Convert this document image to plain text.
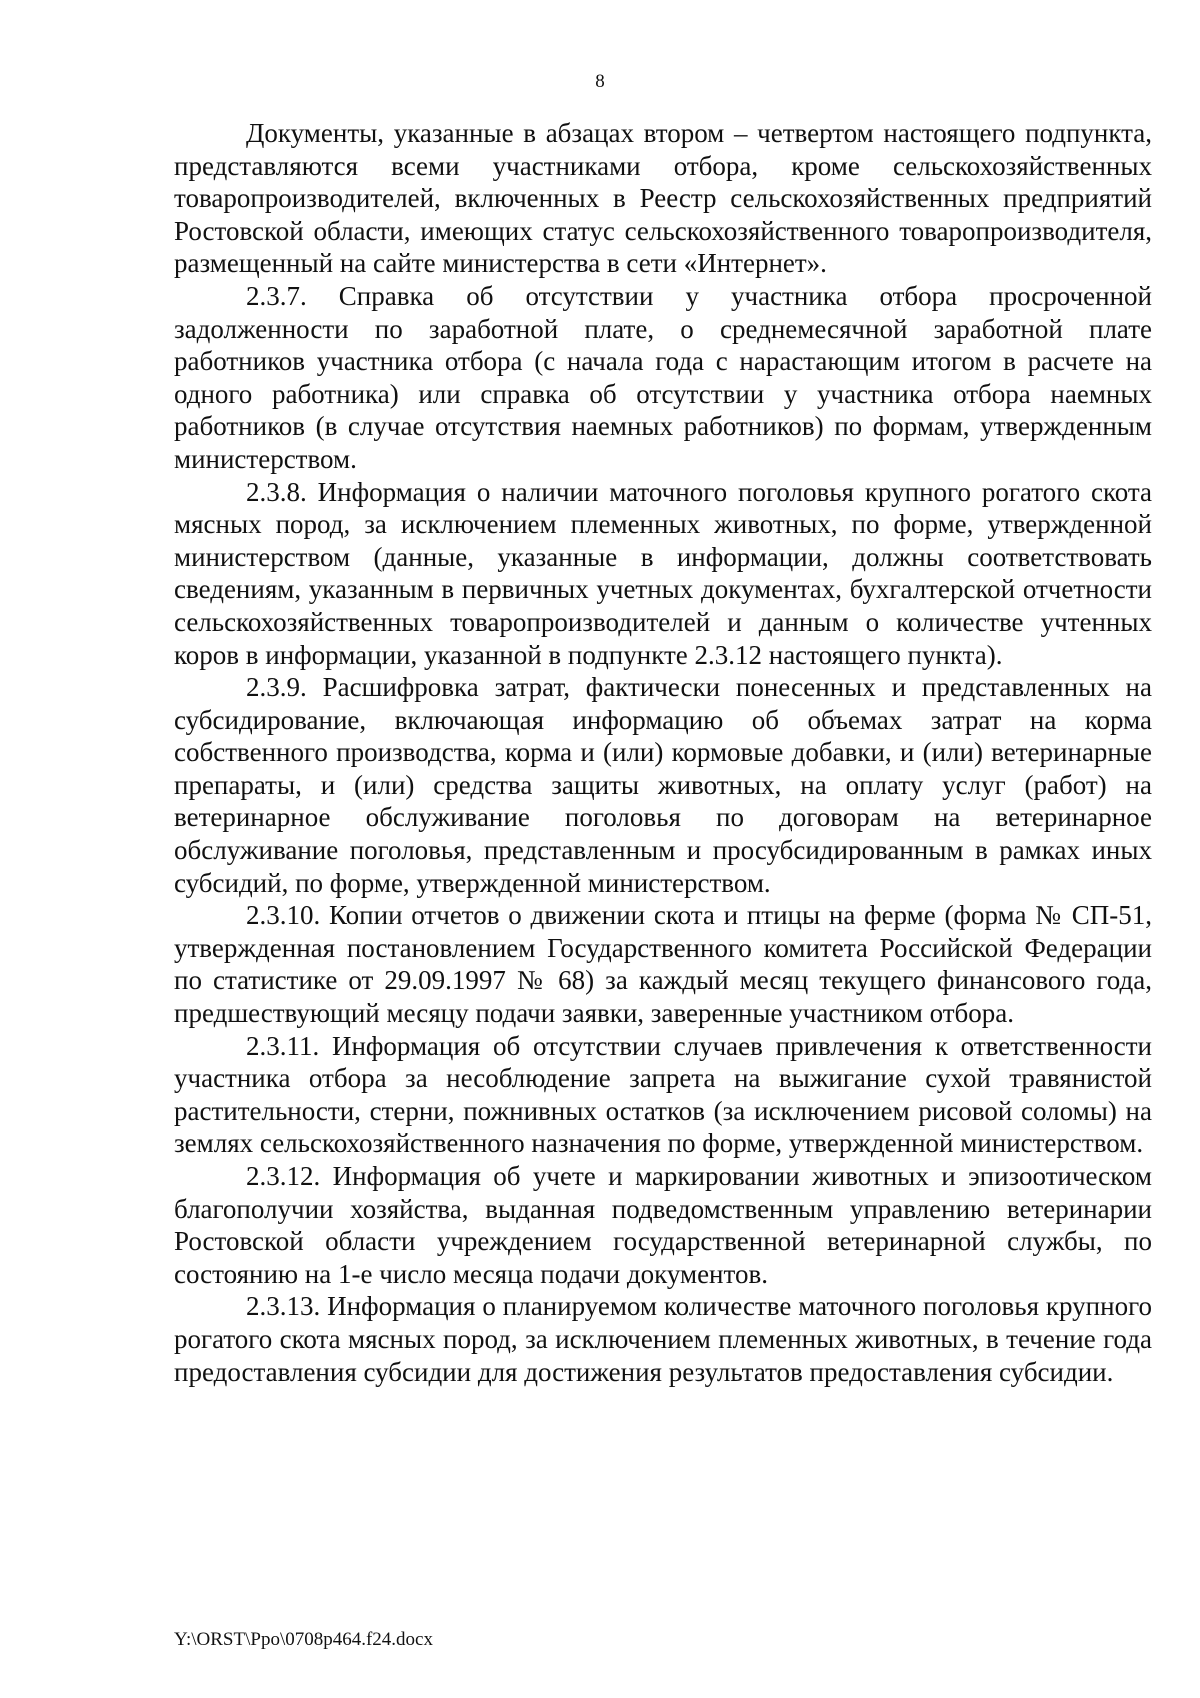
8

Документы, указанные в абзацах втором – четвертом настоящего подпункта, представляются всеми участниками отбора, кроме сельскохозяйственных товаропроизводителей, включенных в Реестр сельскохозяйственных предприятий Ростовской области, имеющих статус сельскохозяйственного товаропроизводителя, размещенный на сайте министерства в сети «Интернет».

2.3.7. Справка об отсутствии у участника отбора просроченной задолженности по заработной плате, о среднемесячной заработной плате работников участника отбора (с начала года с нарастающим итогом в расчете на одного работника) или справка об отсутствии у участника отбора наемных работников (в случае отсутствия наемных работников) по формам, утвержденным министерством.

2.3.8. Информация о наличии маточного поголовья крупного рогатого скота мясных пород, за исключением племенных животных, по форме, утвержденной министерством (данные, указанные в информации, должны соответствовать сведениям, указанным в первичных учетных документах, бухгалтерской отчетности сельскохозяйственных товаропроизводителей и данным о количестве учтенных коров в информации, указанной в подпункте 2.3.12 настоящего пункта).

2.3.9. Расшифровка затрат, фактически понесенных и представленных на субсидирование, включающая информацию об объемах затрат на корма собственного производства, корма и (или) кормовые добавки, и (или) ветеринарные препараты, и (или) средства защиты животных, на оплату услуг (работ) на ветеринарное обслуживание поголовья по договорам на ветеринарное обслуживание поголовья, представленным и просубсидированным в рамках иных субсидий, по форме, утвержденной министерством.

2.3.10. Копии отчетов о движении скота и птицы на ферме (форма № СП-51, утвержденная постановлением Государственного комитета Российской Федерации по статистике от 29.09.1997 № 68) за каждый месяц текущего финансового года, предшествующий месяцу подачи заявки, заверенные участником отбора.

2.3.11. Информация об отсутствии случаев привлечения к ответственности участника отбора за несоблюдение запрета на выжигание сухой травянистой растительности, стерни, пожнивных остатков (за исключением рисовой соломы) на землях сельскохозяйственного назначения по форме, утвержденной министерством.

2.3.12. Информация об учете и маркировании животных и эпизоотическом благополучии хозяйства, выданная подведомственным управлению ветеринарии Ростовской области учреждением государственной ветеринарной службы, по состоянию на 1-е число месяца подачи документов.

2.3.13. Информация о планируемом количестве маточного поголовья крупного рогатого скота мясных пород, за исключением племенных животных, в течение года предоставления субсидии для достижения результатов предоставления субсидии.

Y:\ORST\Ppo\0708p464.f24.docx
